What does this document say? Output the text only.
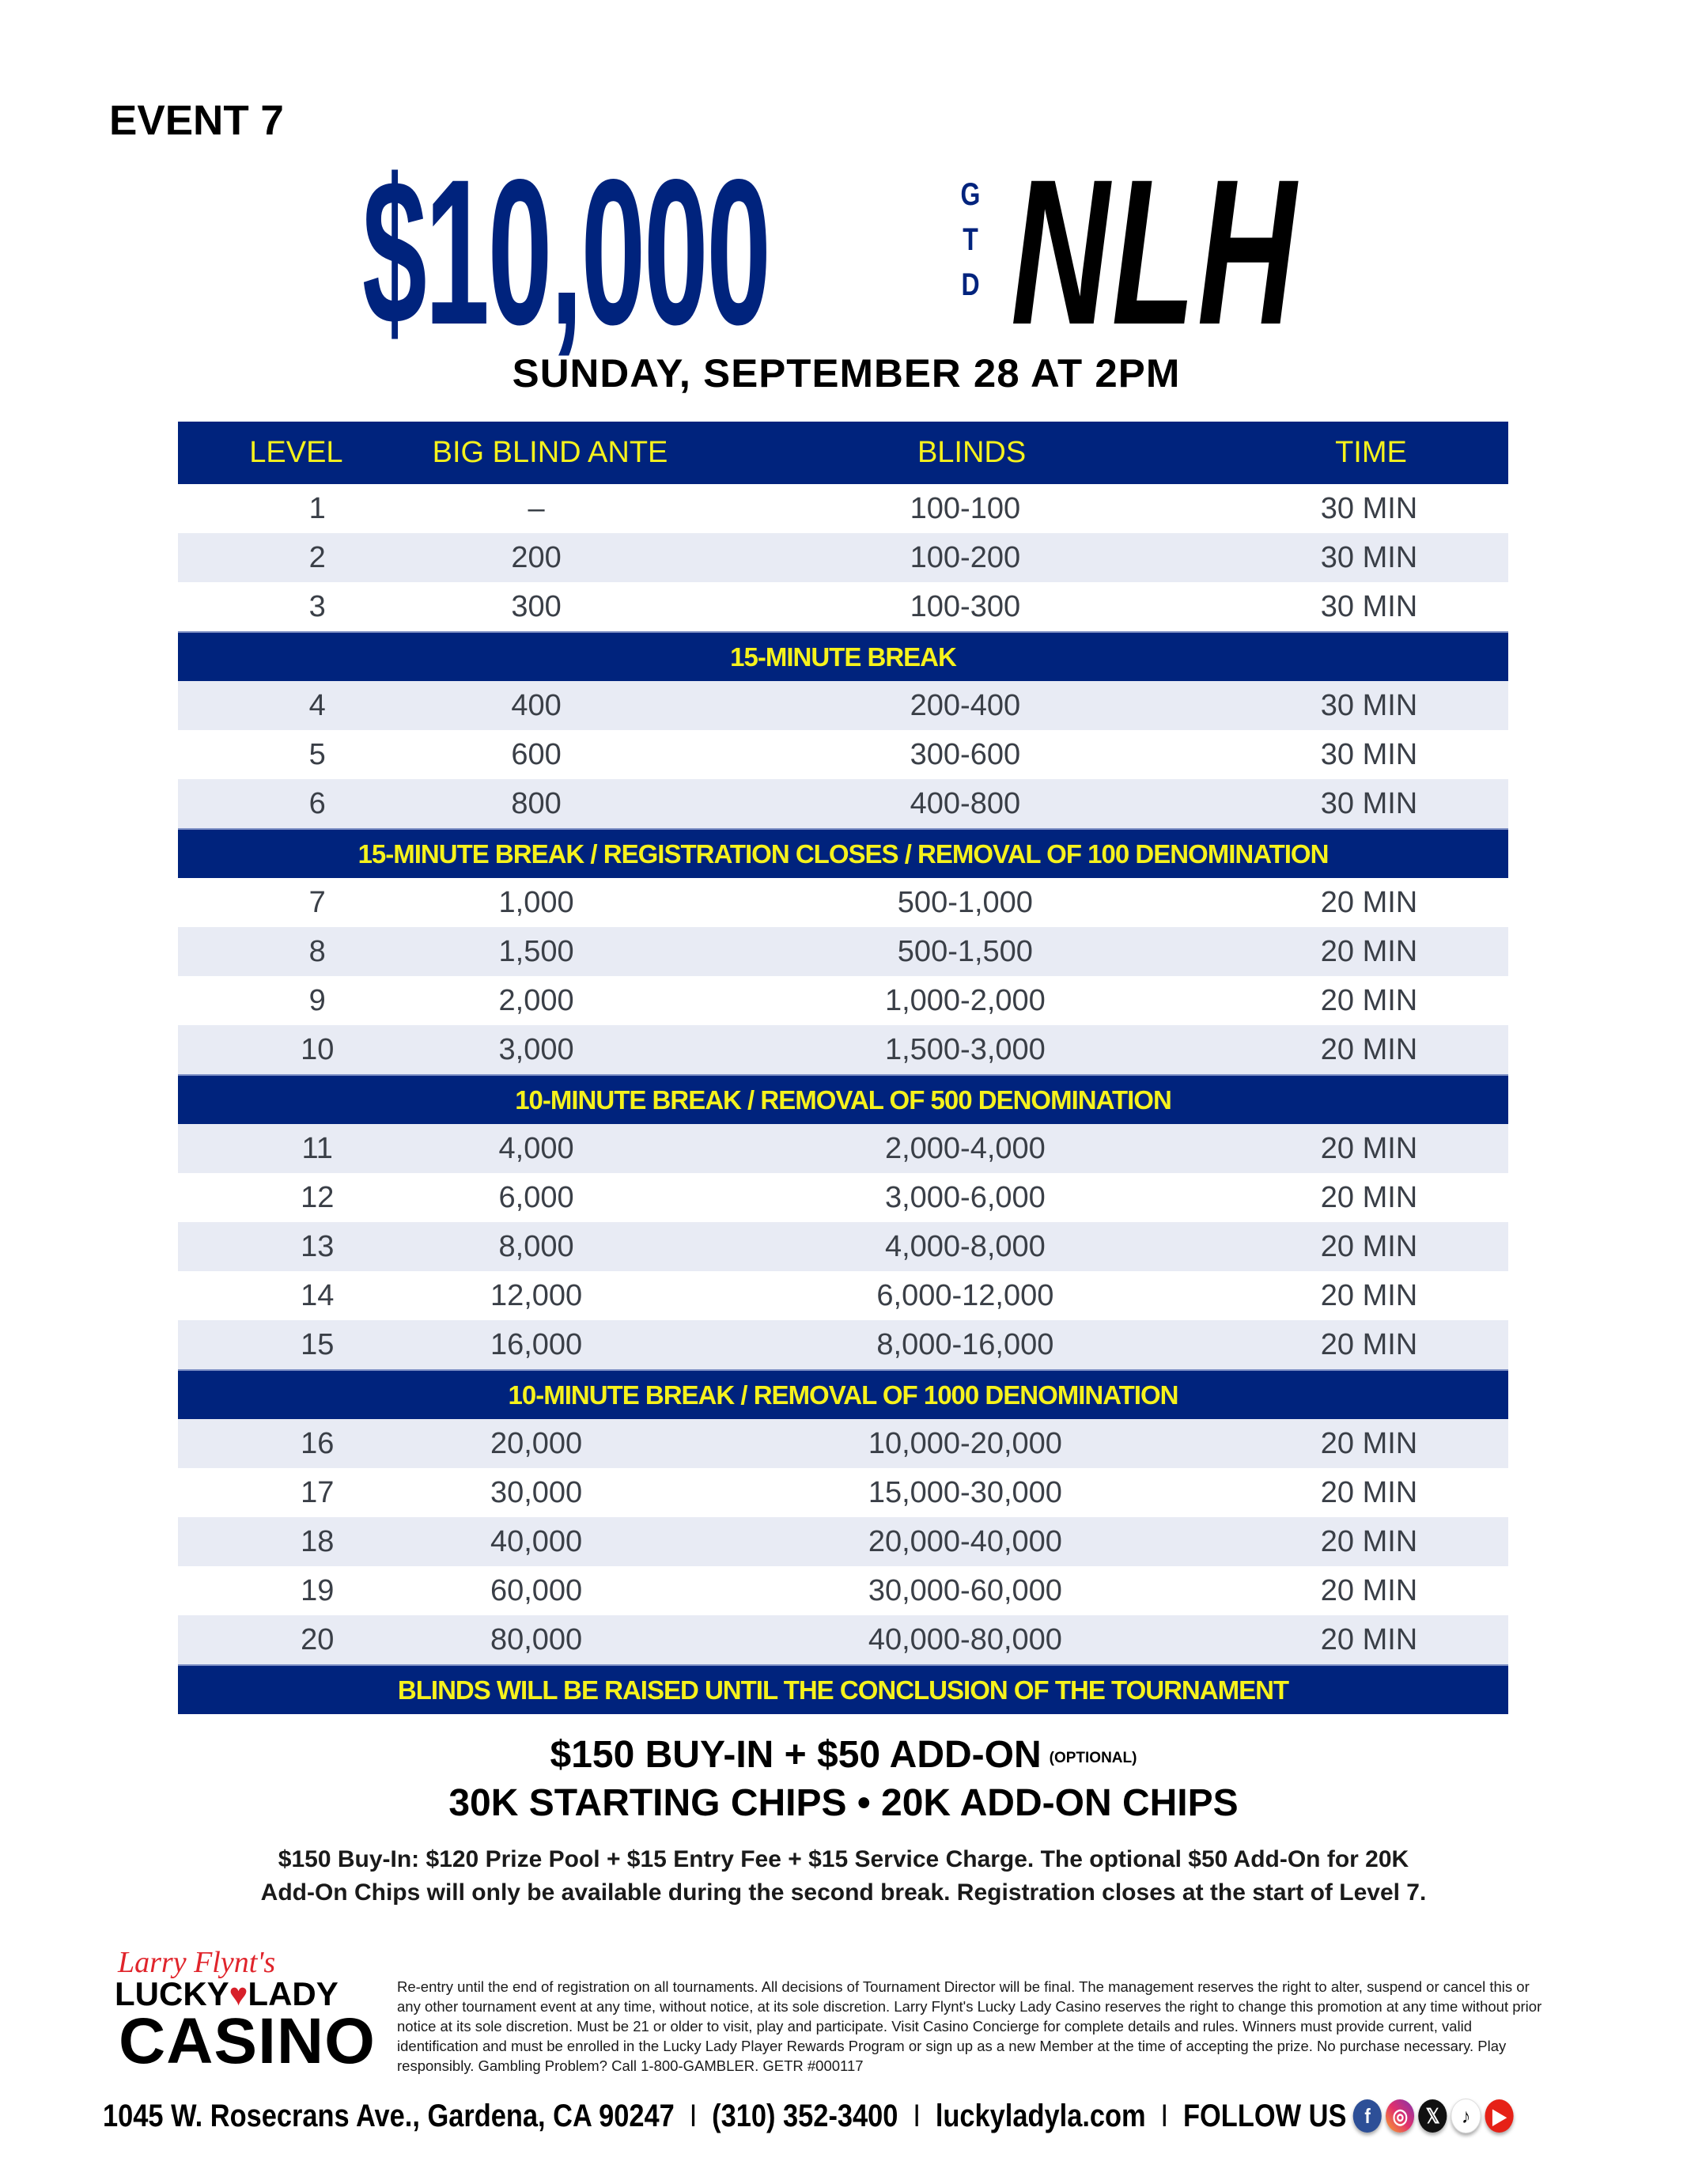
EVENT 7
$10,000	G
T
D NLH
SUNDAY, SEPTEMBER 28 AT 2PM
LEVEL	BIG BLIND ANTE	BLINDS	TIME
1	–	100-100	30 MIN
2	200	100-200	30 MIN
3	300	100-300	30 MIN
15-MINUTE BREAK
4	400	200-400	30 MIN
5	600	300-600	30 MIN
6	800	400-800	30 MIN
15-MINUTE BREAK / REGISTRATION CLOSES / REMOVAL OF 100 DENOMINATION
7	1,000	500-1,000	20 MIN
8	1,500	500-1,500	20 MIN
9	2,000	1,000-2,000	20 MIN
10	3,000	1,500-3,000	20 MIN
10-MINUTE BREAK / REMOVAL OF 500 DENOMINATION
11	4,000	2,000-4,000	20 MIN
12	6,000	3,000-6,000	20 MIN
13	8,000	4,000-8,000	20 MIN
14	12,000	6,000-12,000	20 MIN
15	16,000	8,000-16,000	20 MIN
10-MINUTE BREAK / REMOVAL OF 1000 DENOMINATION
16	20,000	10,000-20,000	20 MIN
17	30,000	15,000-30,000	20 MIN
18	40,000	20,000-40,000	20 MIN
19	60,000	30,000-60,000	20 MIN
20	80,000	40,000-80,000	20 MIN
BLINDS WILL BE RAISED UNTIL THE CONCLUSION OF THE TOURNAMENT
$150 BUY-IN + $50 ADD-ON (OPTIONAL)
30K STARTING CHIPS • 20K ADD-ON CHIPS
$150 Buy-In: $120 Prize Pool + $15 Entry Fee + $15 Service Charge. The optional $50 Add-On for 20K
Add-On Chips will only be available during the second break. Registration closes at the start of Level 7.
Larry Flynt's
LUCKY♥LADY
CASINO
Re-entry until the end of registration on all tournaments. All decisions of Tournament Director will be final. The management reserves the right to alter, suspend or cancel this or any other tournament event at any time, without notice, at its sole discretion. Larry Flynt's Lucky Lady Casino reserves the right to change this promotion at any time without prior notice at its sole discretion. Must be 21 or older to visit, play and participate. Visit Casino Concierge for complete details and rules. Winners must provide current, valid identification and must be enrolled in the Lucky Lady Player Rewards Program or sign up as a new Member at the time of accepting the prize. No purchase necessary. Play responsibly. Gambling Problem? Call 1-800-GAMBLER. GETR #000117
1045 W. Rosecrans Ave., Gardena, CA 90247 I (310) 352-3400 I luckyladyla.com I FOLLOW US f	◎ 𝕏	♪	▶
